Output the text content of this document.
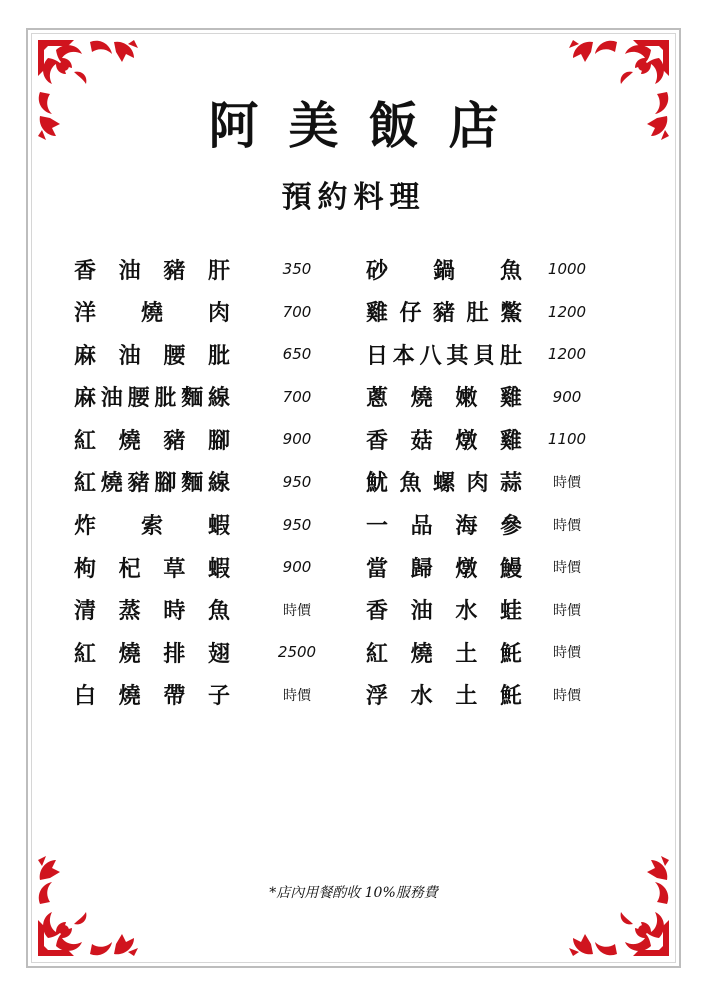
阿美飯店
預約料理
香 油 豬 肝	350
洋 燒 肉	700
麻 油 腰 肶	650
麻 油 腰 肶 麵 線	700
紅 燒 豬 腳	900
紅 燒 豬 腳 麵 線	950
炸 索 蝦	950
枸 杞 草 蝦	900
清 蒸 時 魚	時價
紅 燒 排 翅	2500
白 燒 帶 子	時價
砂 鍋 魚	1000
雞 仔 豬 肚 鱉	1200
日 本 八 其 貝 肚	1200
蔥 燒 嫩 雞	900
香 菇 燉 雞	1100
魷 魚 螺 肉 蒜	時價
一 品 海 參	時價
當 歸 燉 鰻	時價
香 油 水 蛙	時價
紅 燒 土 魠	時價
浮 水 土 魠	時價
*店內用餐酌收 10%服務費
